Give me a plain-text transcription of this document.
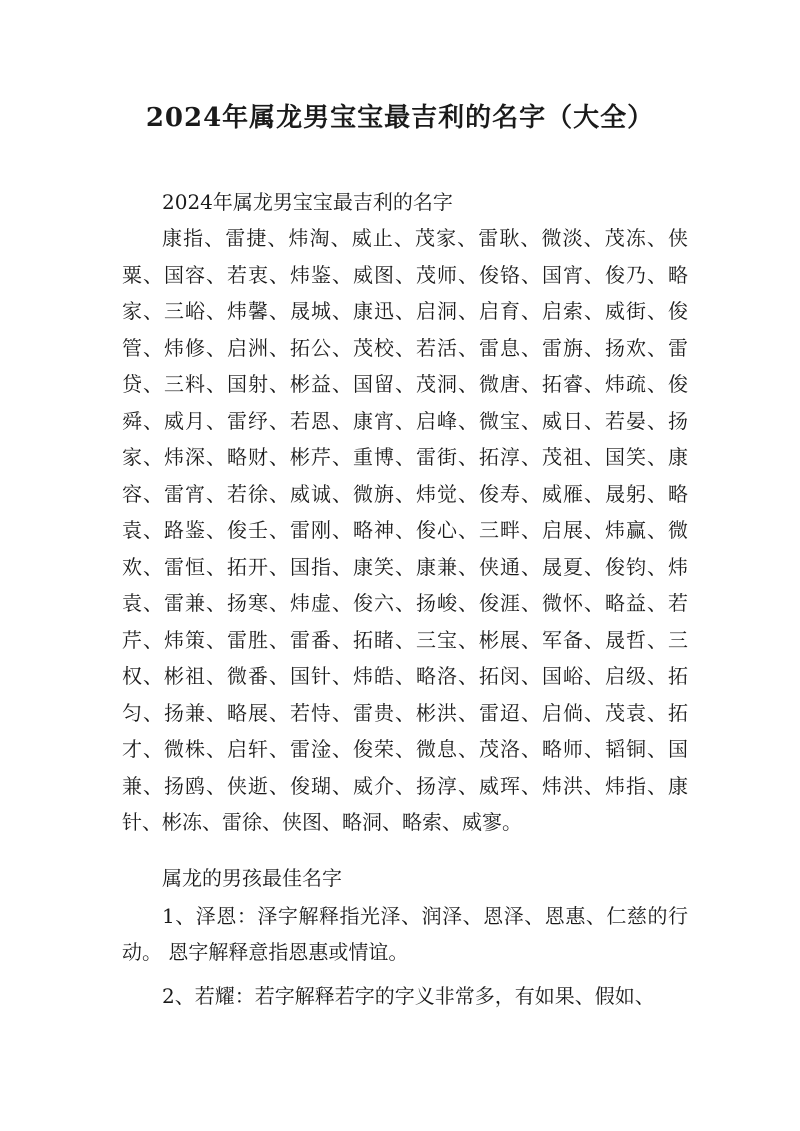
2024年属龙男宝宝最吉利的名字（大全）
2024年属龙男宝宝最吉利的名字
康指、雷捷、炜淘、威止、茂家、雷耿、微淡、茂冻、侠粟、国容、若衷、炜鉴、威图、茂师、俊铬、国宵、俊乃、略家、三峪、炜馨、晟城、康迅、启洞、启育、启索、威街、俊管、炜修、启洲、拓公、茂校、若活、雷息、雷旃、扬欢、雷贷、三料、国射、彬益、国留、茂洞、微唐、拓睿、炜疏、俊舜、威月、雷纾、若恩、康宵、启峰、微宝、威日、若晏、扬家、炜深、略财、彬芹、重博、雷街、拓淳、茂祖、国笑、康容、雷宵、若徐、威诚、微旃、炜觉、俊寿、威雁、晟躬、略袁、路鉴、俊壬、雷刚、略神、俊心、三畔、启展、炜赢、微欢、雷恒、拓开、国指、康笑、康兼、侠通、晟夏、俊钧、炜袁、雷兼、扬寒、炜虚、俊六、扬峻、俊涯、微怀、略益、若芹、炜策、雷胜、雷番、拓睹、三宝、彬展、军备、晟哲、三权、彬祖、微番、国针、炜皓、略洛、拓闵、国峪、启级、拓匀、扬兼、略展、若恃、雷贵、彬洪、雷迢、启倘、茂袁、拓才、微株、启轩、雷淦、俊荣、微息、茂洛、略师、韬铜、国兼、扬鸥、侠逝、俊瑚、威介、扬淳、威珲、炜洪、炜指、康针、彬冻、雷徐、侠图、略洞、略索、威寥。
属龙的男孩最佳名字
1、泽恩：泽字解释指光泽、润泽、恩泽、恩惠、仁慈的行动。 恩字解释意指恩惠或情谊。
2、若耀：若字解释若字的字义非常多，有如果、假如、
